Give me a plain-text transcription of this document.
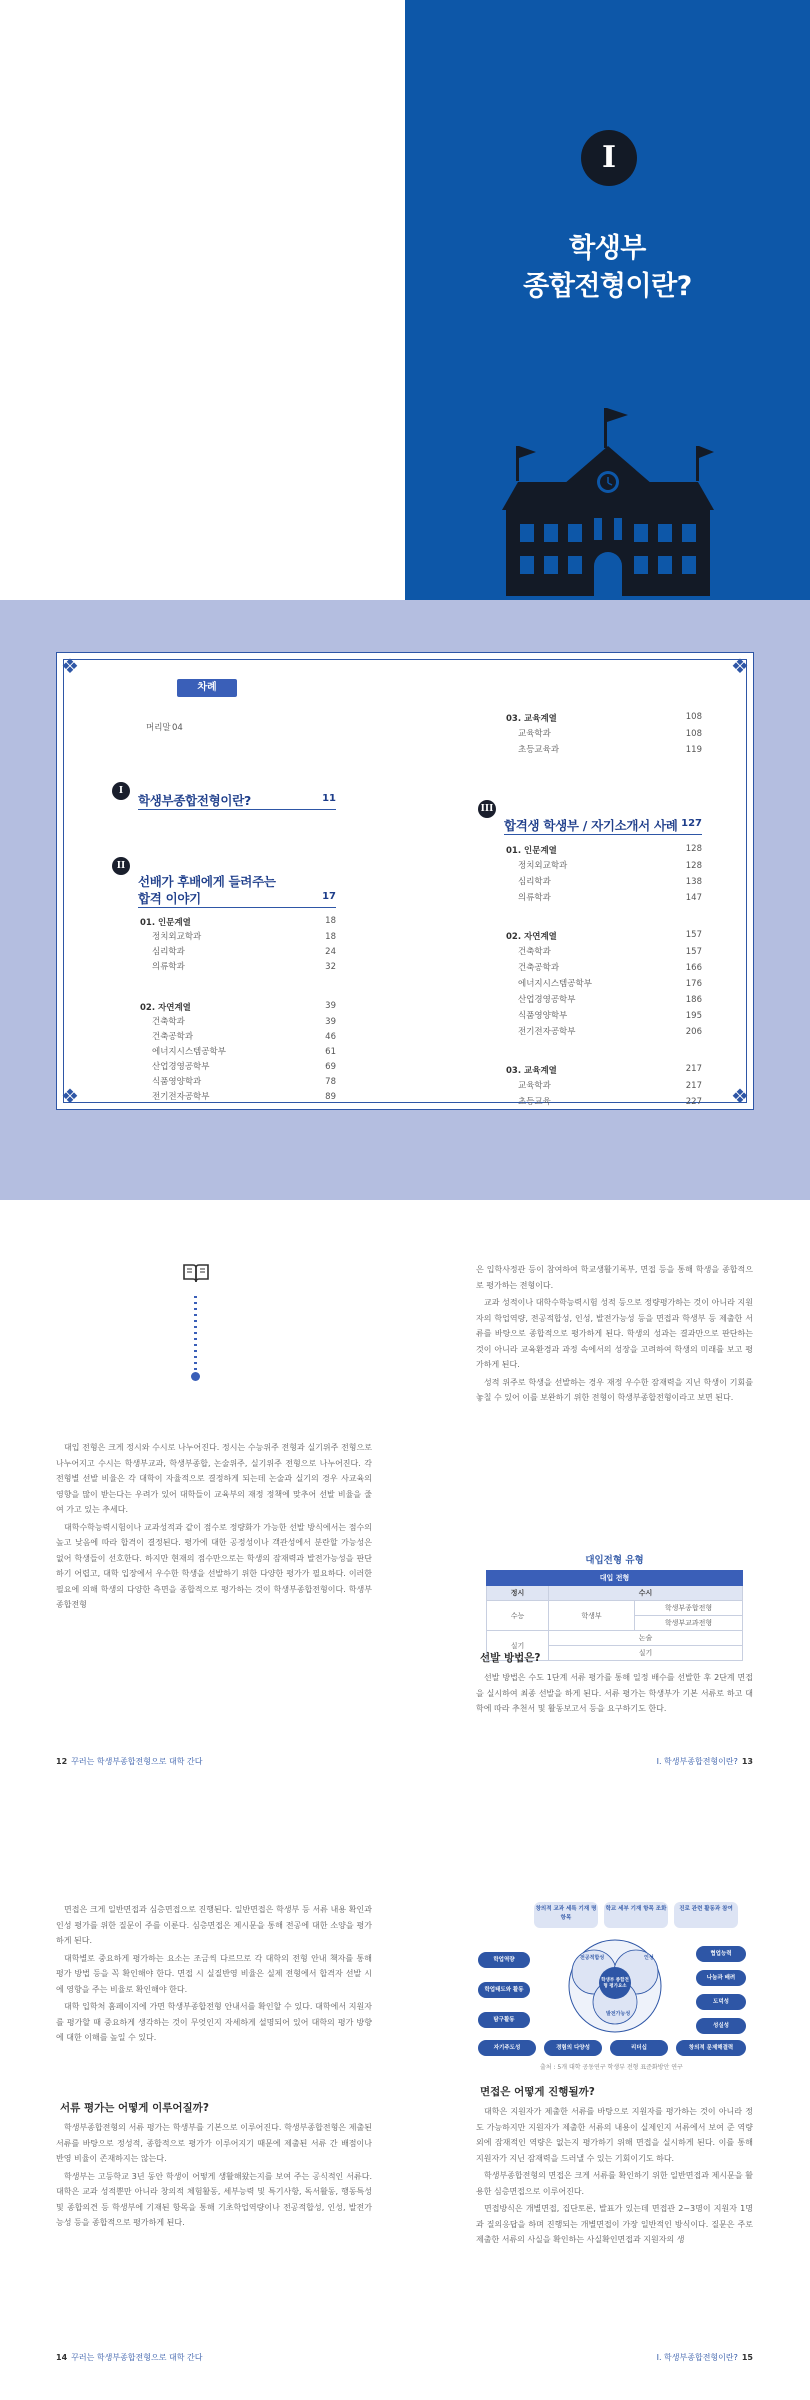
I
학생부
종합전형이란?
❖	❖
❖	❖
차례
머리말 04
I
학생부종합전형이란?	11
II
선배가 후배에게 들려주는
합격 이야기	17
01. 인문계열	18
정치외교학과	18
심리학과	24
의류학과	32
02. 자연계열	39
건축학과	39
건축공학과	46
에너지시스템공학부	61
산업경영공학부	69
식품영양학과	78
전기전자공학부	89
03. 교육계열	108
교육학과	108
초등교육과	119
III
합격생 학생부 / 자기소개서 사례 127
01. 인문계열	128
정치외교학과	128
심리학과	138
의류학과	147
02. 자연계열	157
건축학과	157
건축공학과	166
에너지시스템공학부	176
산업경영공학부	186
식품영양학부	195
전기전자공학부	206
03. 교육계열	217
교육학과	217
초등교육	227

대입 전형은 크게 정시와 수시로 나누어진다. 정시는 수능위주 전형과 실기위주 전형으로 나누어지고 수시는 학생부교과, 학생부종합, 논술위주, 실기위주 전형으로 나누어진다. 각 전형별 선발 비율은 각 대학이 자율적으로 결정하게 되는데 논술과 실기의 경우 사교육의 영향을 많이 받는다는 우려가 있어 대학들이 교육부의 재정 정책에 맞추어 선발 비율을 줄여 가고 있는 추세다.

대학수학능력시험이나 교과성적과 같이 점수로 정량화가 가능한 선발 방식에서는 점수의 높고 낮음에 따라 합격이 결정된다. 평가에 대한 공정성이나 객관성에서 분란할 가능성은 없어 학생들이 선호한다. 하지만 현재의 점수만으로는 학생의 잠재력과 발전가능성을 판단하기 어렵고, 대학 입장에서 우수한 학생을 선발하기 위한 다양한 평가가 필요하다. 이러한 필요에 의해 학생의 다양한 측면을 종합적으로 평가하는 것이 학생부종합전형이다. 학생부종합전형

은 입학사정관 등이 참여하여 학교생활기록부, 면접 등을 통해 학생을 종합적으로 평가하는 전형이다.

교과 성적이나 대학수학능력시험 성적 등으로 정량평가하는 것이 아니라 지원자의 학업역량, 전공적합성, 인성, 발전가능성 등을 면접과 학생부 등 제출한 서류를 바탕으로 종합적으로 평가하게 된다. 학생의 성과는 결과만으로 판단하는 것이 아니라 교육환경과 과정 속에서의 성장을 고려하여 학생의 미래를 보고 평가하게 된다.

성적 위주로 학생을 선발하는 경우 재정 우수한 잠재력을 지닌 학생이 기회를 놓칠 수 있어 이를 보완하기 위한 전형이 학생부종합전형이라고 보면 된다.

대입전형 유형
대입 전형		
정시	수시	
수능	학생부	학생부종합전형
		학생부교과전형
실기	논술	
	실기	
선발 방법은?

선발 방법은 수도 1단계 서류 평가를 통해 일정 배수를 선발한 후 2단계 면접을 실시하여 최종 선발을 하게 된다. 서류 평가는 학생부가 기본 서류로 하고 대학에 따라 추천서 및 활동보고서 등을 요구하기도 한다.

12 꾸러는 학생부종합전형으로 대학 간다	I. 학생부종합전형이란? 13

면접은 크게 일반면접과 심층면접으로 진행된다. 일반면접은 학생부 등 서류 내용 확인과 인성 평가를 위한 질문이 주를 이룬다. 심층면접은 제시문을 통해 전공에 대한 소양을 평가하게 된다.

대학별로 중요하게 평가하는 요소는 조금씩 다르므로 각 대학의 전형 안내 책자를 통해 평가 방법 등을 꼭 확인해야 한다. 면접 시 실질반영 비율은 실제 전형에서 합격자 선발 시에 영향을 주는 비율로 확인해야 한다.

대학 입학처 홈페이지에 가면 학생부종합전형 안내서를 확인할 수 있다. 대학에서 지원자를 평가할 때 중요하게 생각하는 것이 무엇인지 자세하게 설명되어 있어 대학의 평가 방향에 대한 이해를 높일 수 있다.

서류 평가는 어떻게 이루어질까?

학생부종합전형의 서류 평가는 학생부를 기본으로 이루어진다. 학생부종합전형은 제출된 서류를 바탕으로 정성적, 종합적으로 평가가 이루어지기 때문에 제출된 서류 간 배점이나 반영 비율이 존재하지는 않는다.

학생부는 고등학교 3년 동안 학생이 어떻게 생활해왔는지를 보여 주는 공식적인 서류다. 대학은 교과 성적뿐만 아니라 창의적 체험활동, 세부능력 및 특기사항, 독서활동, 행동특성 및 종합의견 등 학생부에 기재된 항목을 통해 기초학업역량이나 전공적합성, 인성, 발전가능성 등을 종합적으로 평가하게 된다.

창의적 교과 세특 기재 명 항목
학교 세부 기재 항목 조화	진로 관련 활동과 참여
학업역량
학업태도와 활동
탐구활동
전공적합성
학생부 종합전형 평가요소
인성
발전가능성
협업능력
나눔과 배려
도덕성
성실성
자기주도성	경험의 다양성	리더십	창의적 문제해결력
출처 : 5개 대학 공동연구 학생부 전형 표준화방안 연구
면접은 어떻게 진행될까?

대학은 지원자가 제출한 서류를 바탕으로 지원자를 평가하는 것이 아니라 정도 가능하지만 지원자가 제출한 서류의 내용이 실제인지 서류에서 보여 준 역량 외에 잠재적인 역량은 없는지 평가하기 위해 면접을 실시하게 된다. 이를 통해 지원자가 지닌 잠재력을 드러낼 수 있는 기회이기도 하다.

학생부종합전형의 면접은 크게 서류를 확인하기 위한 일반면접과 제시문을 활용한 심층면접으로 이루어진다.

면접방식은 개별면접, 집단토론, 발표가 있는데 면접관 2~3명이 지원자 1명과 질의응답을 하며 진행되는 개별면접이 가장 일반적인 방식이다. 질문은 주로 제출한 서류의 사실을 확인하는 사실확인면접과 지원자의 생

14 꾸러는 학생부종합전형으로 대학 간다	I. 학생부종합전형이란? 15
